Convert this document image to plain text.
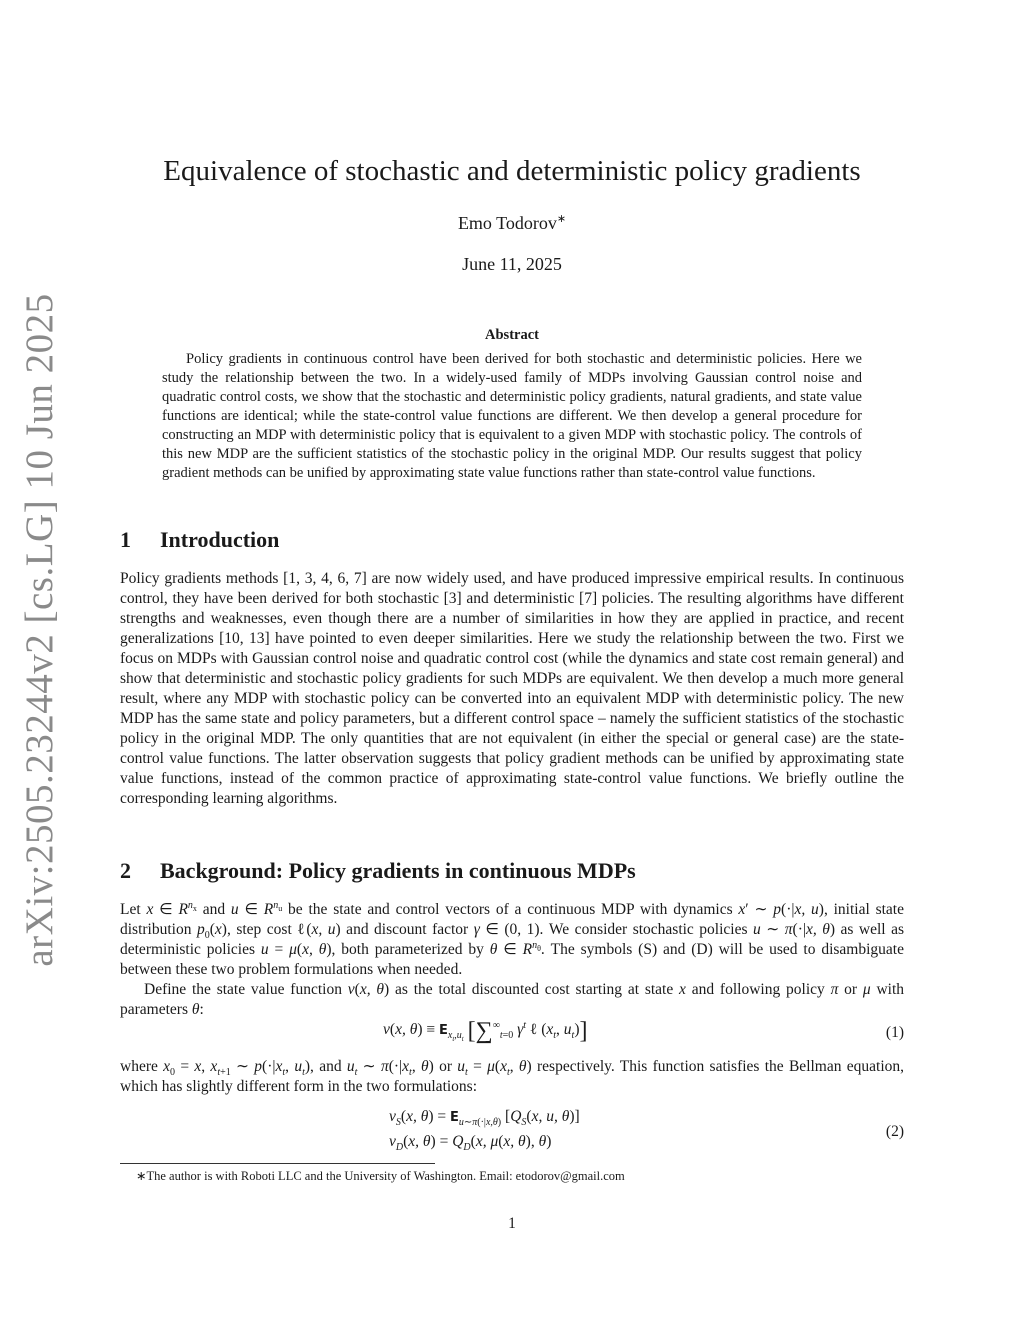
arXiv:2505.23244v2 [cs.LG] 10 Jun 2025
Equivalence of stochastic and deterministic policy gradients
Emo Todorov∗
June 11, 2025
Abstract

Policy gradients in continuous control have been derived for both stochastic and deterministic policies. Here we study the relationship between the two. In a widely-used family of MDPs involving Gaussian control noise and quadratic control costs, we show that the stochastic and deterministic policy gradients, natural gradients, and state value functions are identical; while the state-control value functions are different. We then develop a general procedure for constructing an MDP with deterministic policy that is equivalent to a given MDP with stochastic policy. The controls of this new MDP are the sufficient statistics of the stochastic policy in the original MDP. Our results suggest that policy gradient methods can be unified by approximating state value functions rather than state-control value functions.

1 Introduction

Policy gradients methods [1, 3, 4, 6, 7] are now widely used, and have produced impressive empirical results. In continuous control, they have been derived for both stochastic [3] and deterministic [7] policies. The resulting algorithms have different strengths and weaknesses, even though there are a number of similarities in how they are applied in practice, and recent generalizations [10, 13] have pointed to even deeper similarities. Here we study the relationship between the two. First we focus on MDPs with Gaussian control noise and quadratic control cost (while the dynamics and state cost remain general) and show that deterministic and stochastic policy gradients for such MDPs are equivalent. We then develop a much more general result, where any MDP with stochastic policy can be converted into an equivalent MDP with deterministic policy. The new MDP has the same state and policy parameters, but a different control space – namely the sufficient statistics of the stochastic policy in the original MDP. The only quantities that are not equivalent (in either the special or general case) are the state-control value functions. The latter observation suggests that policy gradient methods can be unified by approximating state value functions, instead of the common practice of approximating state-control value functions. We briefly outline the corresponding learning algorithms.

2 Background: Policy gradients in continuous MDPs

Let x ∈ $R^{n_x}$ and u ∈ $R^{n_u}$ be the state and control vectors of a continuous MDP with dynamics x′ ∼ p(·|x, u), initial state distribution $p_0(x)$, step cost ℓ(x, u) and discount factor γ ∈ (0, 1). We consider stochastic policies u ∼ π(·|x, θ) as well as deterministic policies u = μ(x, θ), both parameterized by θ ∈ $R^{n_\theta}$. The symbols (S) and (D) will be used to disambiguate between these two problem formulations when needed.

Define the state value function v(x, θ) as the total discounted cost starting at state x and following policy π or μ with parameters θ:

v(x, $\theta) \equiv E_{x_t,u_t}$ [$\sum^\infty_{t=0}$ $\gamma^t$ ℓ ($x_t$, $u_t$)]	(1)

where $x_0 = x$, $x_{t+1}$ ∼ $p(\cdot|x_t$, $u_t$), and $u_t$ ∼ $\pi(\cdot|x_t$, θ) or $u_t = \mu(x_t$, θ) respectively. This function satisfies the Bellman equation, which has slightly different form in the two formulations:

$v_S(x$, $\theta) = E_{u\sim\pi(\cdot|x,\theta)}$ [$Q_S(x$, u, θ)]
$v_D(x$, $\theta) = Q_D(x$, μ(x, θ), θ)
(2)
∗The author is with Roboti LLC and the University of Washington. Email: etodorov@gmail.com
1
